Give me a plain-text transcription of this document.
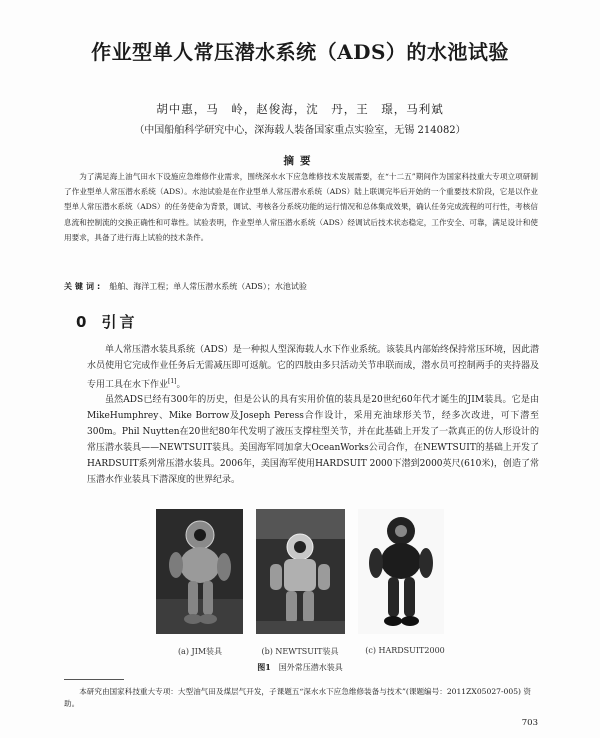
作业型单人常压潜水系统（ADS）的水池试验
胡中惠，马　岭，赵俊海，沈　丹，王　璟，马利斌
（中国船舶科学研究中心，深海载人装备国家重点实验室，无锡 214082）
摘要

为了满足海上油气田水下设施应急维修作业需求，围绕深水水下应急维修技术发展需要，在“十二五”期间作为国家科技重大专项立项研制了作业型单人常压潜水系统（ADS）。水池试验是在作业型单人常压潜水系统（ADS）陆上联调完毕后开始的一个重要技术阶段，它是以作业型单人常压潜水系统（ADS）的任务使命为背景，调试、考核各分系统功能的运行情况和总体集成效果，确认任务完成流程的可行性，考核信息流和控制流的交换正确性和可靠性。试验表明，作业型单人常压潜水系统（ADS）经调试后技术状态稳定，工作安全、可靠，满足设计和使用要求，具备了进行海上试验的技术条件。

关键词: 船舶、海洋工程；单人常压潜水系统（ADS）；水池试验
0 引言

单人常压潜水装具系统（ADS）是一种拟人型深海载人水下作业系统。该装具内部始终保持常压环境，因此潜水员使用它完成作业任务后无需减压即可返航。它的四肢由多只活动关节串联而成，潜水员可控制两手的夹持器及专用工具在水下作业[1]。

虽然ADS已经有300年的历史，但是公认的具有实用价值的装具是20世纪60年代才诞生的JIM装具。它是由MikeHumphrey、Mike Borrow及Joseph Peress合作设计，采用充油球形关节，经多次改进，可下潜至300m。Phil Nuytten在20世纪80年代发明了液压支撑柱型关节，并在此基础上开发了一款真正的仿人形设计的常压潜水装具——NEWTSUIT装具。美国海军同加拿大OceanWorks公司合作，在NEWTSUIT的基础上开发了HARDSUIT系列常压潜水装具。2006年，美国海军使用HARDSUIT 2000下潜到2000英尺(610米)，创造了常压潜水作业装具下潜深度的世界纪录。

(a) JIM装具	(b) NEWTSUIT装具	(c) HARDSUIT2000
图1 国外常压潜水装具

本研究由国家科技重大专项：大型油气田及煤层气开发，子课题五“深水水下应急维修装备与技术”(课题编号：2011ZX05027-005) 资助。

703
